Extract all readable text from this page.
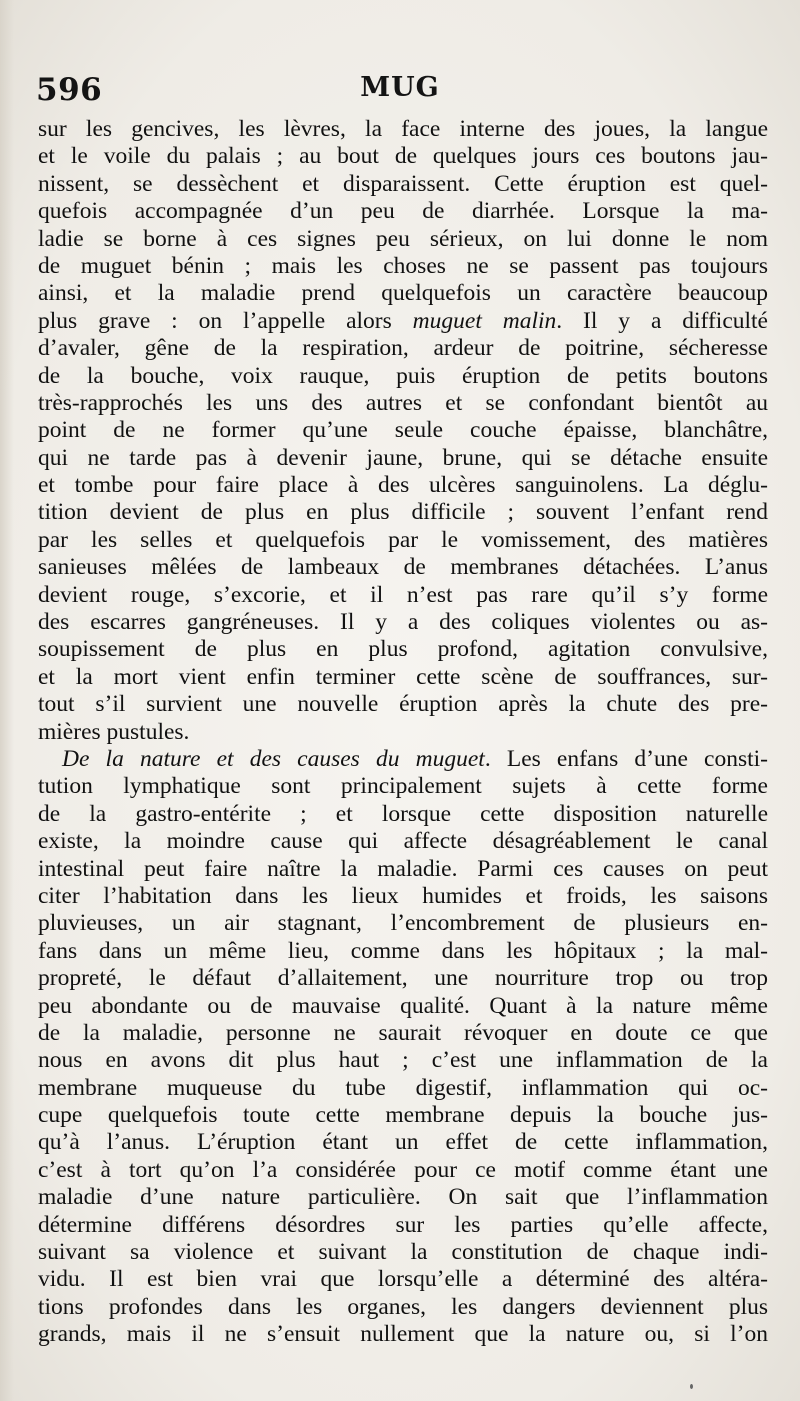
596	MUG
sur les gencives, les lèvres, la face interne des joues, la langue
et le voile du palais ; au bout de quelques jours ces boutons jau-
nissent, se dessèchent et disparaissent. Cette éruption est quel-
quefois accompagnée d’un peu de diarrhée. Lorsque la ma-
ladie se borne à ces signes peu sérieux, on lui donne le nom
de muguet bénin ; mais les choses ne se passent pas toujours
ainsi, et la maladie prend quelquefois un caractère beaucoup
plus grave : on l’appelle alors muguet malin. Il y a difficulté
d’avaler, gêne de la respiration, ardeur de poitrine, sécheresse
de la bouche, voix rauque, puis éruption de petits boutons
très-rapprochés les uns des autres et se confondant bientôt au
point de ne former qu’une seule couche épaisse, blanchâtre,
qui ne tarde pas à devenir jaune, brune, qui se détache ensuite
et tombe pour faire place à des ulcères sanguinolens. La déglu-
tition devient de plus en plus difficile ; souvent l’enfant rend
par les selles et quelquefois par le vomissement, des matières
sanieuses mêlées de lambeaux de membranes détachées. L’anus
devient rouge, s’excorie, et il n’est pas rare qu’il s’y forme
des escarres gangréneuses. Il y a des coliques violentes ou as-
soupissement de plus en plus profond, agitation convulsive,
et la mort vient enfin terminer cette scène de souffrances, sur-
tout s’il survient une nouvelle éruption après la chute des pre-
mières pustules.
De la nature et des causes du muguet. Les enfans d’une consti-
tution lymphatique sont principalement sujets à cette forme
de la gastro-entérite ; et lorsque cette disposition naturelle
existe, la moindre cause qui affecte désagréablement le canal
intestinal peut faire naître la maladie. Parmi ces causes on peut
citer l’habitation dans les lieux humides et froids, les saisons
pluvieuses, un air stagnant, l’encombrement de plusieurs en-
fans dans un même lieu, comme dans les hôpitaux ; la mal-
propreté, le défaut d’allaitement, une nourriture trop ou trop
peu abondante ou de mauvaise qualité. Quant à la nature même
de la maladie, personne ne saurait révoquer en doute ce que
nous en avons dit plus haut ; c’est une inflammation de la
membrane muqueuse du tube digestif, inflammation qui oc-
cupe quelquefois toute cette membrane depuis la bouche jus-
qu’à l’anus. L’éruption étant un effet de cette inflammation,
c’est à tort qu’on l’a considérée pour ce motif comme étant une
maladie d’une nature particulière. On sait que l’inflammation
détermine différens désordres sur les parties qu’elle affecte,
suivant sa violence et suivant la constitution de chaque indi-
vidu. Il est bien vrai que lorsqu’elle a déterminé des altéra-
tions profondes dans les organes, les dangers deviennent plus
grands, mais il ne s’ensuit nullement que la nature ou, si l’on
